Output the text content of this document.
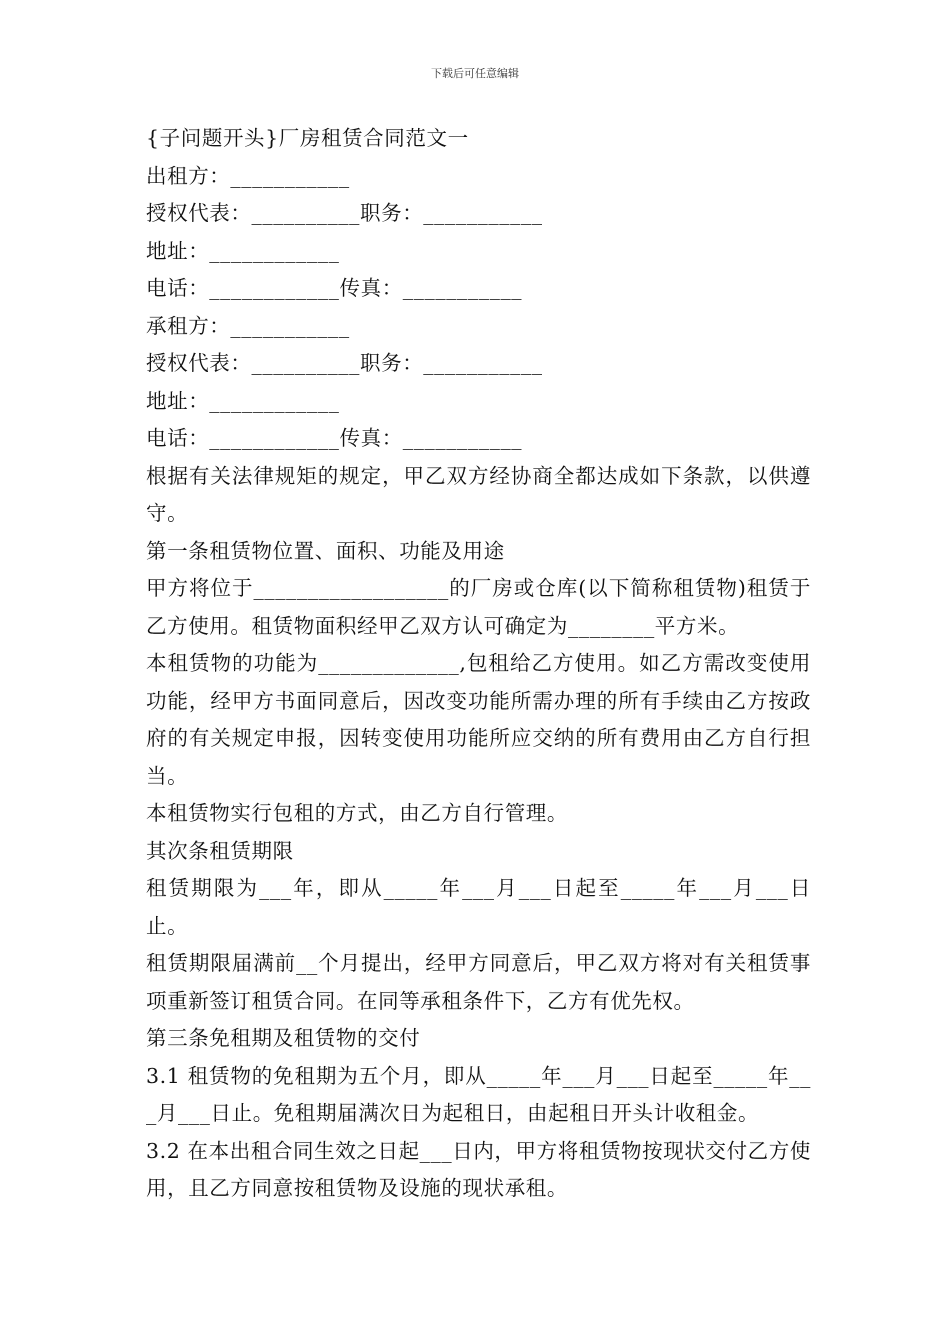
下载后可任意编辑
{子问题开头}厂房租赁合同范文一
出租方：___________
授权代表：__________职务：___________
地址：____________
电话：____________传真：___________
承租方：___________
授权代表：__________职务：___________
地址：____________
电话：____________传真：___________
根据有关法律规矩的规定，甲乙双方经协商全都达成如下条款，以供遵守。
第一条租赁物位置、面积、功能及用途
甲方将位于__________________的厂房或仓库(以下简称租赁物)租赁于乙方使用。租赁物面积经甲乙双方认可确定为________平方米。
本租赁物的功能为_____________,包租给乙方使用。如乙方需改变使用功能，经甲方书面同意后，因改变功能所需办理的所有手续由乙方按政府的有关规定申报，因转变使用功能所应交纳的所有费用由乙方自行担当。
本租赁物实行包租的方式，由乙方自行管理。
其次条租赁期限
租赁期限为___年，即从_____年___月___日起至_____年___月___日止。
租赁期限届满前__个月提出，经甲方同意后，甲乙双方将对有关租赁事项重新签订租赁合同。在同等承租条件下，乙方有优先权。
第三条免租期及租赁物的交付
3.1 租赁物的免租期为五个月，即从_____年___月___日起至_____年___月___日止。免租期届满次日为起租日，由起租日开头计收租金。
3.2 在本出租合同生效之日起___日内，甲方将租赁物按现状交付乙方使用，且乙方同意按租赁物及设施的现状承租。
